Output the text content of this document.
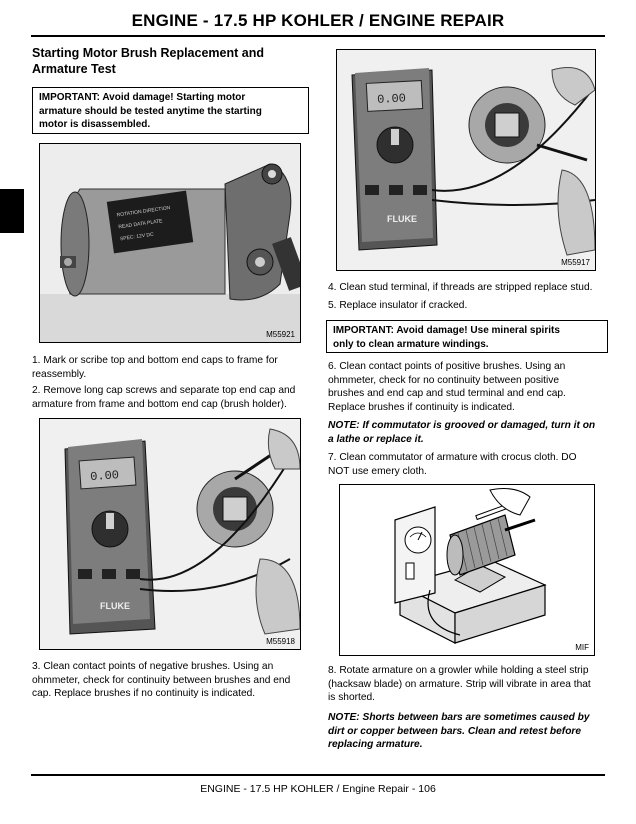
ENGINE - 17.5 HP KOHLER / ENGINE REPAIR
Starting Motor Brush Replacement and
Armature Test
IMPORTANT: Avoid damage! Starting motor
armature should be tested anytime the starting
motor is disassembled.
ROTATION DIRECTION
READ DATA PLATE
SPEC: 12V DC
M55921
1. Mark or scribe top and bottom end caps to frame for
reassembly.
2. Remove long cap screws and separate top end cap and
armature from frame and bottom end cap (brush holder).
0.00
FLUKE
M55918
3. Clean contact points of negative brushes. Using an
ohmmeter, check for continuity between brushes and end
cap. Replace brushes if no continuity is indicated.
0.00
FLUKE
M55917
4. Clean stud terminal, if threads are stripped replace stud.
5. Replace insulator if cracked.
IMPORTANT: Avoid damage! Use mineral spirits
only to clean armature windings.
6. Clean contact points of positive brushes. Using an
ohmmeter, check for no continuity between positive
brushes and end cap and stud terminal and end cap.
Replace brushes if continuity is indicated.
NOTE: If commutator is grooved or damaged, turn it on
a lathe or replace it.
7. Clean commutator of armature with crocus cloth. DO
NOT use emery cloth.
MIF
8. Rotate armature on a growler while holding a steel strip
(hacksaw blade) on armature. Strip will vibrate in area that
is shorted.
NOTE: Shorts between bars are sometimes caused by
dirt or copper between bars. Clean and retest before
replacing armature.
ENGINE - 17.5 HP KOHLER / Engine Repair - 106
